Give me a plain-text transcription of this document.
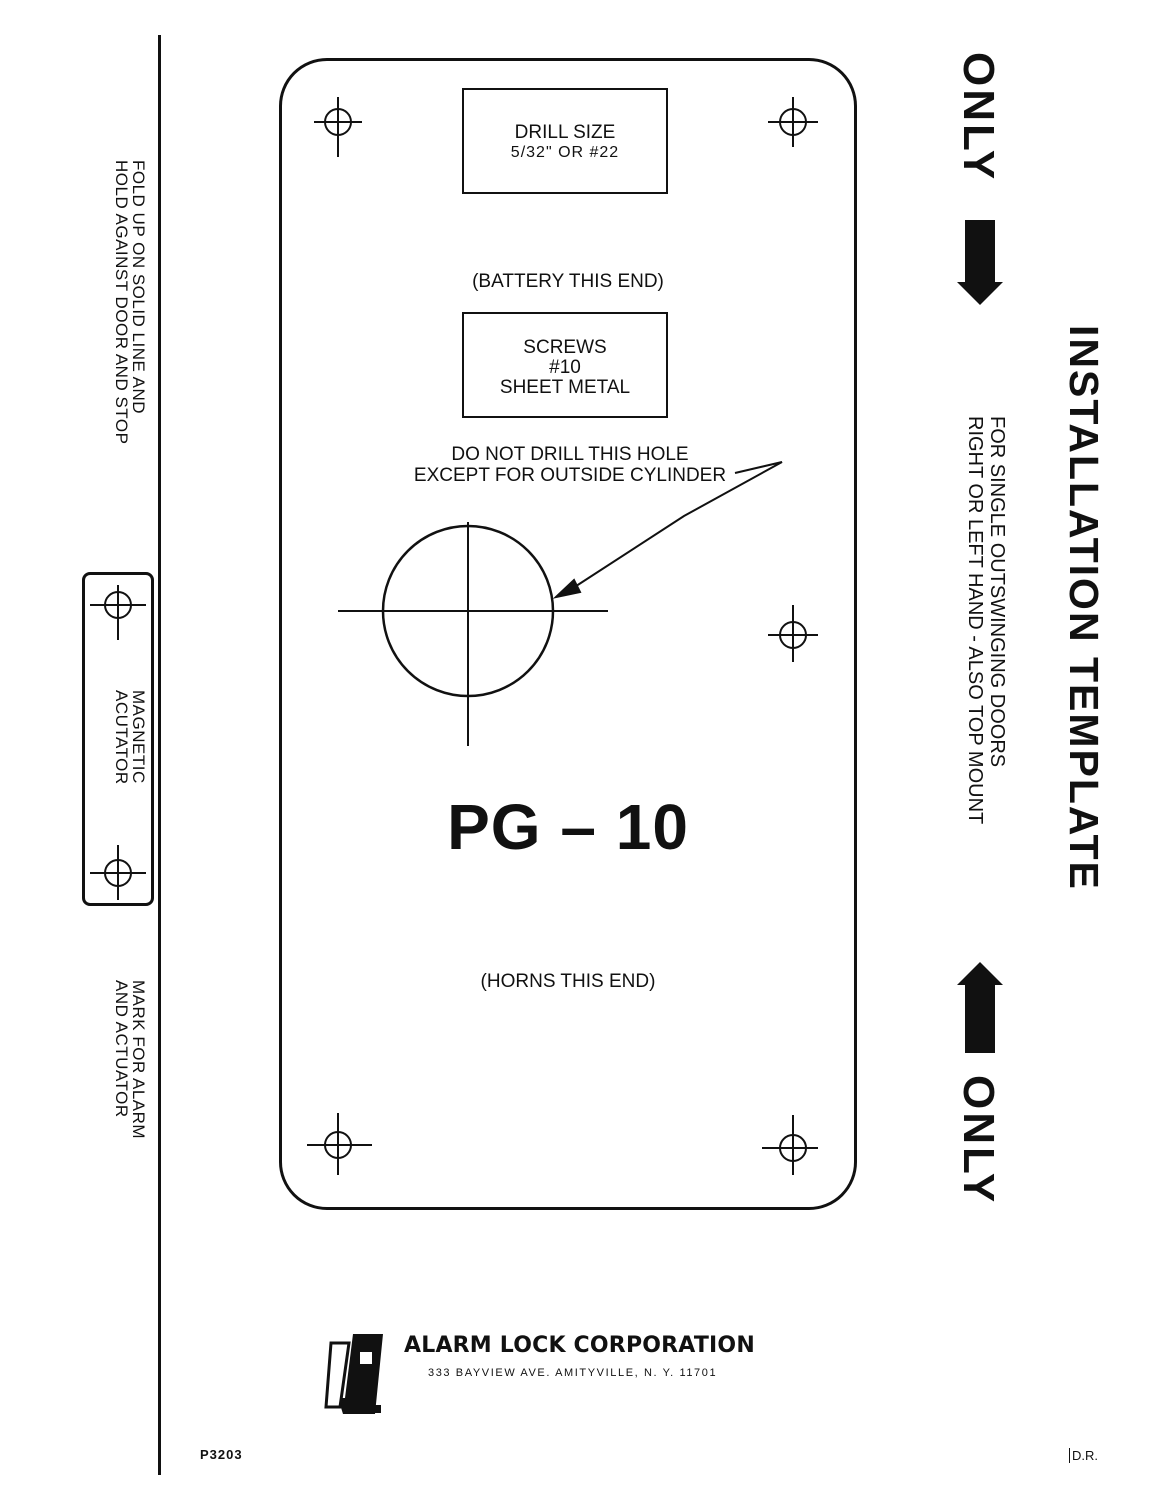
FOLD UP ON SOLID LINE AND
HOLD AGAINST DOOR AND STOP
MAGNETIC
ACUTATOR
MARK FOR ALARM
AND ACTUATOR
DRILL SIZE
5/32" OR #22
(BATTERY THIS END)
SCREWS
#10
SHEET METAL
DO NOT DRILL THIS HOLE
EXCEPT FOR OUTSIDE CYLINDER
PG – 10
(HORNS THIS END)
ONLY
ONLY
INSTALLATION TEMPLATE
FOR SINGLE OUTSWINGING DOORS
RIGHT OR LEFT HAND - ALSO TOP MOUNT
ALARM LOCK CORPORATION
333 BAYVIEW AVE. AMITYVILLE, N. Y. 11701
P3203	D.R.
